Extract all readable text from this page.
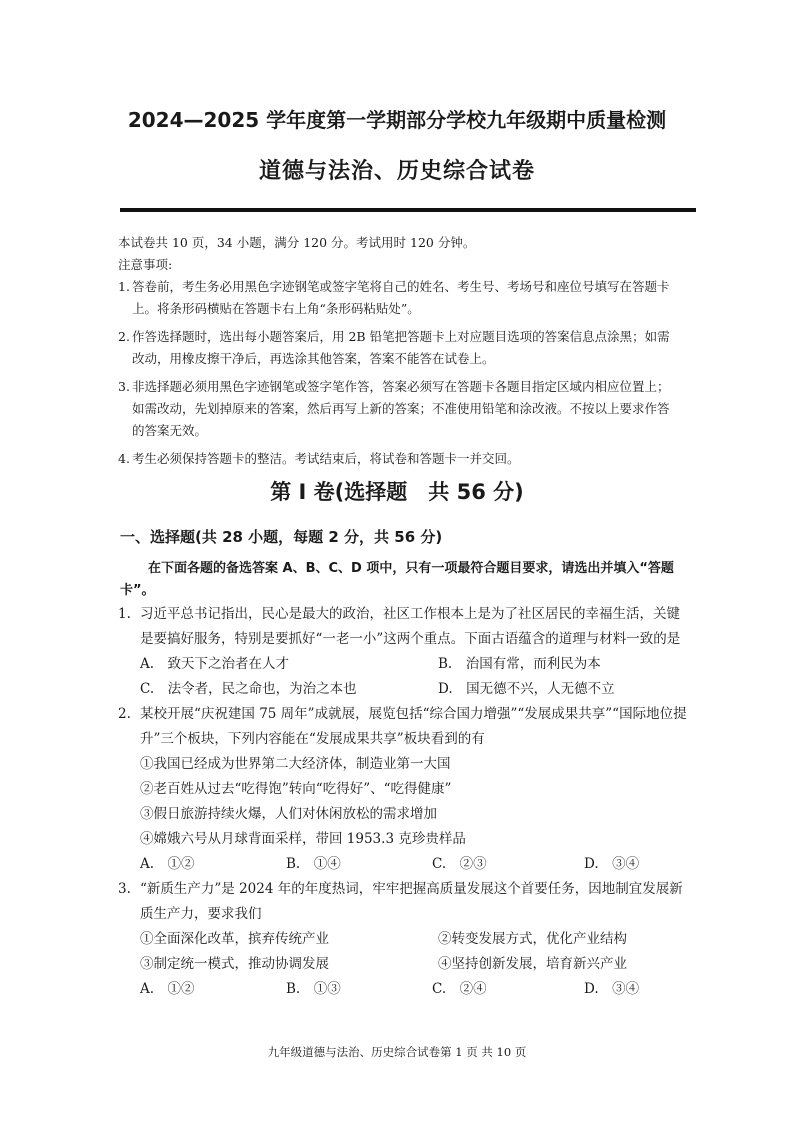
2024—2025 学年度第一学期部分学校九年级期中质量检测
道德与法治、历史综合试卷

本试卷共 10 页，34 小题，满分 120 分。考试用时 120 分钟。

注意事项:

1. 答卷前，考生务必用黑色字迹钢笔或签字笔将自己的姓名、考生号、考场号和座位号填写在答题卡上。将条形码横贴在答题卡右上角“条形码粘贴处”。
2. 作答选择题时，选出每小题答案后，用 2B 铅笔把答题卡上对应题目选项的答案信息点涂黑；如需改动，用橡皮擦干净后，再选涂其他答案，答案不能答在试卷上。
3. 非选择题必须用黑色字迹钢笔或签字笔作答，答案必须写在答题卡各题目指定区域内相应位置上；如需改动，先划掉原来的答案，然后再写上新的答案；不准使用铅笔和涂改液。不按以上要求作答的答案无效。
4. 考生必须保持答题卡的整洁。考试结束后，将试卷和答题卡一并交回。
第 I 卷(选择题　共 56 分)
一、选择题(共 28 小题，每题 2 分，共 56 分)
在下面各题的备选答案 A、B、C、D 项中，只有一项最符合题目要求，请选出并填入“答题卡”。
1. 习近平总书记指出，民心是最大的政治，社区工作根本上是为了社区居民的幸福生活，关键是要搞好服务，特别是要抓好“一老一小”这两个重点。下面古语蕴含的道理与材料一致的是
A.　致天下之治者在人才	B.　治国有常，而利民为本
C.　法令者，民之命也，为治之本也	D.　国无德不兴，人无德不立
2. 某校开展“庆祝建国 75 周年”成就展，展览包括“综合国力增强”“发展成果共享”“国际地位提升”三个板块，下列内容能在“发展成果共享”板块看到的有
①我国已经成为世界第二大经济体，制造业第一大国
②老百姓从过去“吃得饱”转向“吃得好”、“吃得健康”
③假日旅游持续火爆，人们对休闲放松的需求增加
④嫦娥六号从月球背面采样，带回 1953.3 克珍贵样品
A.　①②	B.　①④	C.　②③	D.　③④
3. “新质生产力”是 2024 年的年度热词，牢牢把握高质量发展这个首要任务，因地制宜发展新质生产力，要求我们
①全面深化改革，摈弃传统产业	②转变发展方式，优化产业结构
③制定统一模式，推动协调发展	④坚持创新发展，培育新兴产业
A.　①②	B.　①③	C.　②④	D.　③④
九年级道德与法治、历史综合试卷第 1 页 共 10 页
